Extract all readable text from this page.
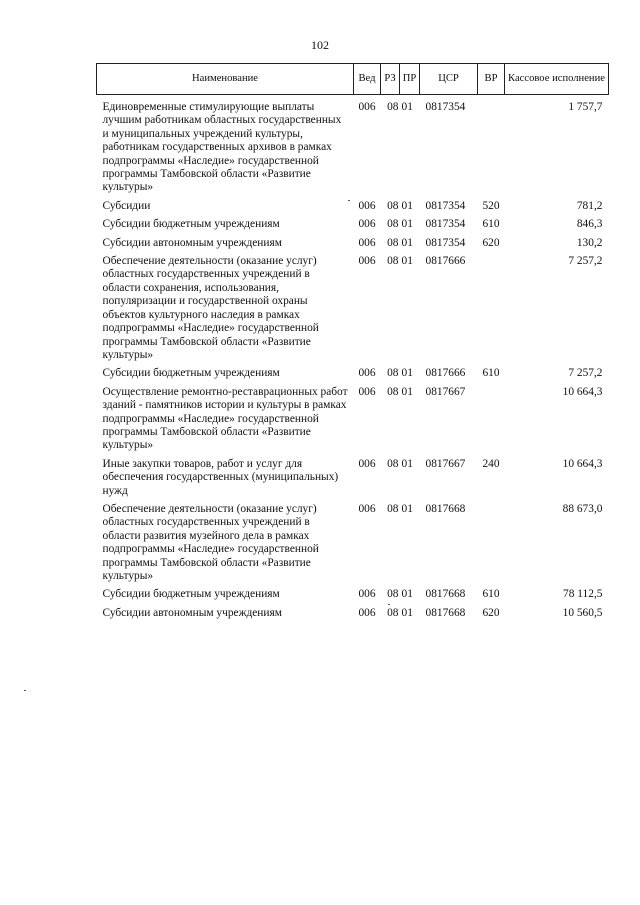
102
Наименование	Вед	РЗ	ПР	ЦСР	ВР	Кассовое исполнение
Единовременные стимулирующие выплаты лучшим работникам областных государственных и муниципальных учреждений культуры, работникам государственных архивов в рамках подпрограммы «Наследие» государственной программы Тамбовской области «Развитие культуры»	006	08	01	0817354		1 757,7
Субсидии	006	08	01	0817354	520	781,2
Субсидии бюджетным учреждениям	006	08	01	0817354	610	846,3
Субсидии автономным учреждениям	006	08	01	0817354	620	130,2
Обеспечение деятельности (оказание услуг) областных государственных учреждений в области сохранения, использования, популяризации и государственной охраны объектов культурного наследия в рамках подпрограммы «Наследие» государственной программы Тамбовской области «Развитие культуры»	006	08	01	0817666		7 257,2
Субсидии бюджетным учреждениям	006	08	01	0817666	610	7 257,2
Осуществление ремонтно-реставрационных работ зданий - памятников истории и культуры в рамках подпрограммы «Наследие» государственной программы Тамбовской области «Развитие культуры»	006	08	01	0817667		10 664,3
Иные закупки товаров, работ и услуг для обеспечения государственных (муниципальных) нужд	006	08	01	0817667	240	10 664,3
Обеспечение деятельности (оказание услуг) областных государственных учреждений в области развития музейного дела в рамках подпрограммы «Наследие» государственной программы Тамбовской области «Развитие культуры»	006	08	01	0817668		88 673,0
Субсидии бюджетным учреждениям	006	08	01	0817668	610	78 112,5
Субсидии автономным учреждениям	006	08	01	0817668	620	10 560,5
